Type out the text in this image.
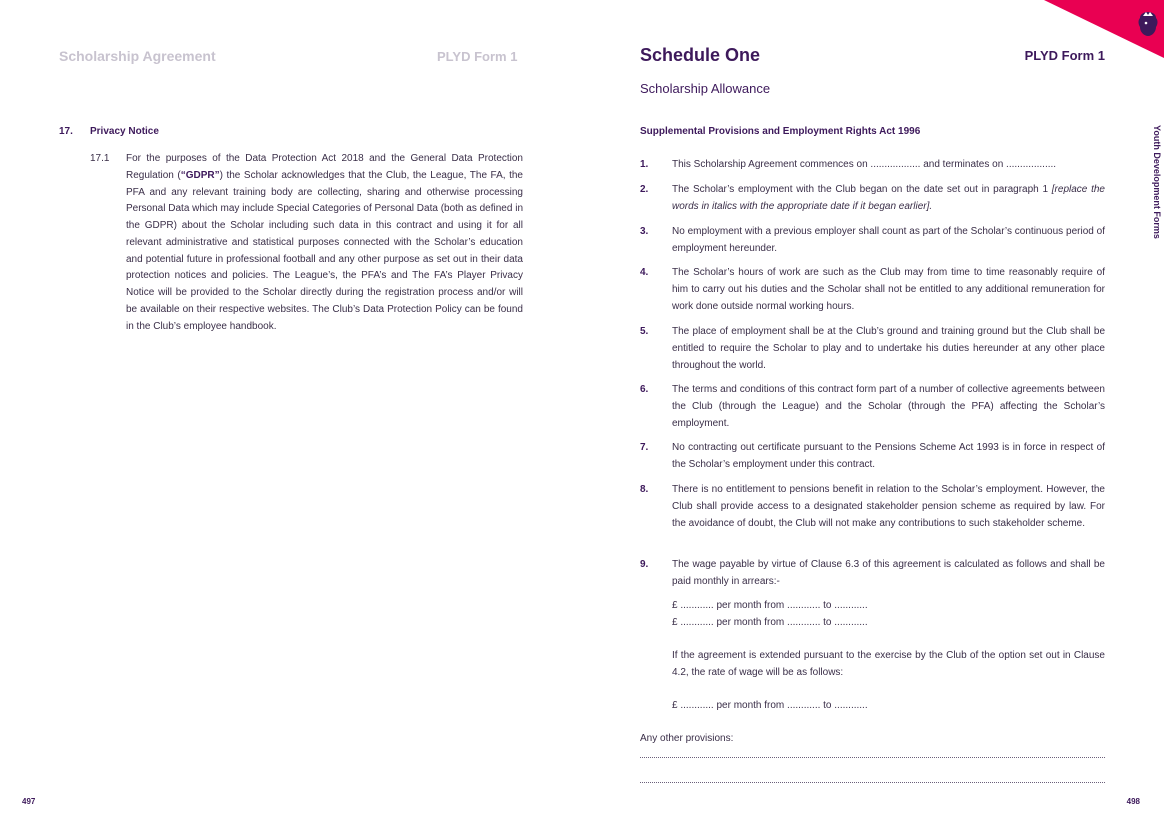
Scholarship Agreement	PLYD Form 1
17. Privacy Notice
17.1	For the purposes of the Data Protection Act 2018 and the General Data Protection Regulation (“GDPR”) the Scholar acknowledges that the Club, the League, The FA, the PFA and any relevant training body are collecting, sharing and otherwise processing Personal Data which may include Special Categories of Personal Data (both as defined in the GDPR) about the Scholar including such data in this contract and using it for all relevant administrative and statistical purposes connected with the Scholar’s education and potential future in professional football and any other purpose as set out in their data protection notices and policies. The League’s, the PFA’s and The FA’s Player Privacy Notice will be provided to the Scholar directly during the registration process and/or will be available on their respective websites. The Club’s Data Protection Policy can be found in the Club’s employee handbook.
497
Schedule One	PLYD Form 1
Scholarship Allowance
Supplemental Provisions and Employment Rights Act 1996
1. This Scholarship Agreement commences on .................. and terminates on ..................
2. The Scholar’s employment with the Club began on the date set out in paragraph 1 [replace the words in italics with the appropriate date if it began earlier].
3. No employment with a previous employer shall count as part of the Scholar’s continuous period of employment hereunder.
4. The Scholar’s hours of work are such as the Club may from time to time reasonably require of him to carry out his duties and the Scholar shall not be entitled to any additional remuneration for work done outside normal working hours.
5. The place of employment shall be at the Club’s ground and training ground but the Club shall be entitled to require the Scholar to play and to undertake his duties hereunder at any other place throughout the world.
6. The terms and conditions of this contract form part of a number of collective agreements between the Club (through the League) and the Scholar (through the PFA) affecting the Scholar’s employment.
7. No contracting out certificate pursuant to the Pensions Scheme Act 1993 is in force in respect of the Scholar’s employment under this contract.
8. There is no entitlement to pensions benefit in relation to the Scholar’s employment. However, the Club shall provide access to a designated stakeholder pension scheme as required by law. For the avoidance of doubt, the Club will not make any contributions to such stakeholder scheme.
9. The wage payable by virtue of Clause 6.3 of this agreement is calculated as follows and shall be paid monthly in arrears:-
£ ............ per month from ............ to ............
£ ............ per month from ............ to ............
If the agreement is extended pursuant to the exercise by the Club of the option set out in Clause 4.2, the rate of wage will be as follows:
£ ............ per month from ............ to ............
Any other provisions:
Youth Development Forms
498
